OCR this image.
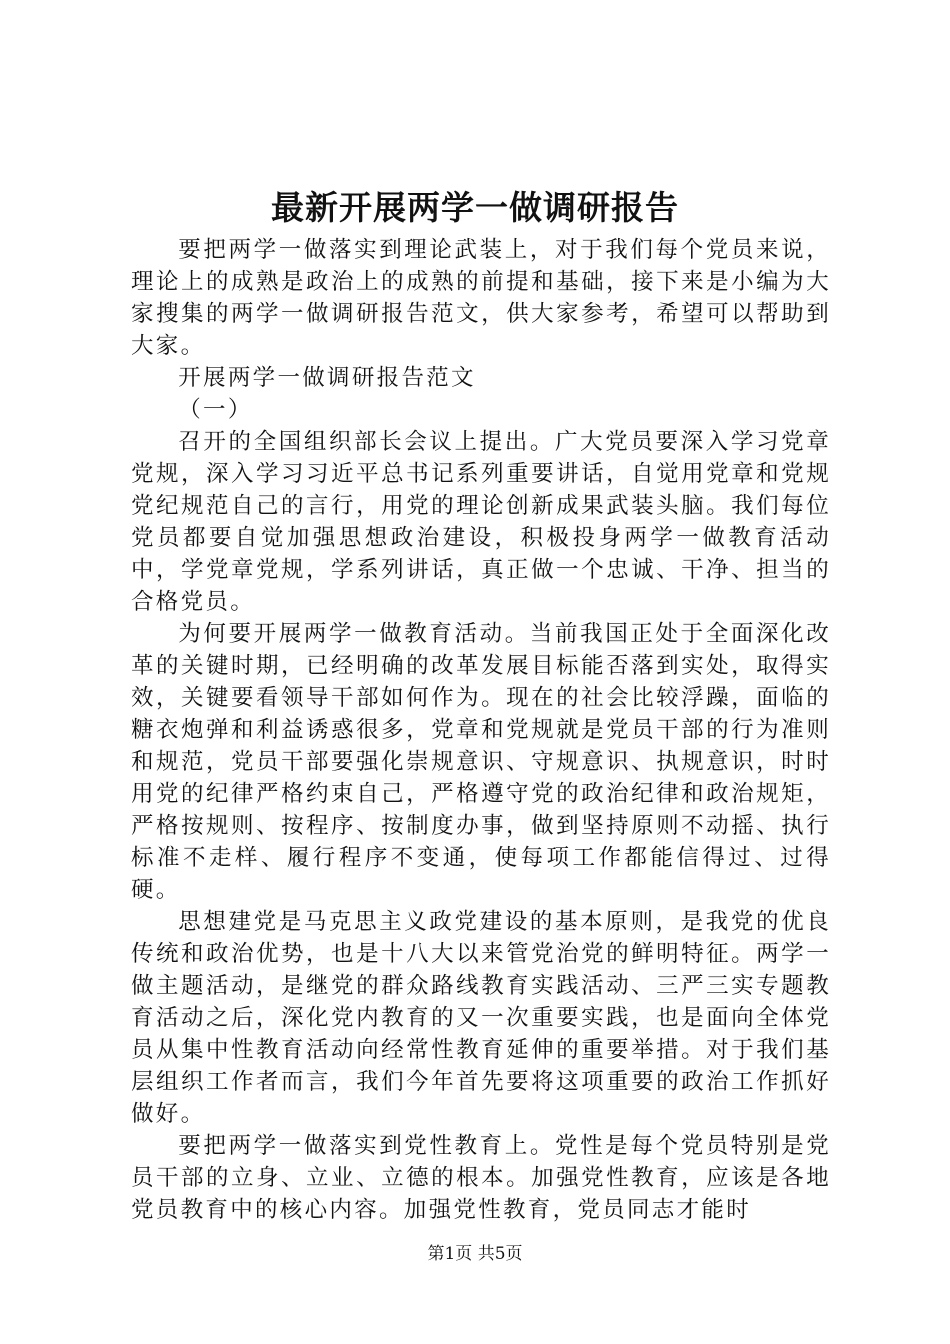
最新开展两学一做调研报告

要把两学一做落实到理论武装上，对于我们每个党员来说，理论上的成熟是政治上的成熟的前提和基础，接下来是小编为大家搜集的两学一做调研报告范文，供大家参考，希望可以帮助到大家。

开展两学一做调研报告范文

（一）

召开的全国组织部长会议上提出。广大党员要深入学习党章党规，深入学习习近平总书记系列重要讲话，自觉用党章和党规党纪规范自己的言行，用党的理论创新成果武装头脑。我们每位党员都要自觉加强思想政治建设，积极投身两学一做教育活动中，学党章党规，学系列讲话，真正做一个忠诚、干净、担当的合格党员。

为何要开展两学一做教育活动。当前我国正处于全面深化改革的关键时期，已经明确的改革发展目标能否落到实处，取得实效，关键要看领导干部如何作为。现在的社会比较浮躁，面临的糖衣炮弹和利益诱惑很多，党章和党规就是党员干部的行为准则和规范，党员干部要强化崇规意识、守规意识、执规意识，时时用党的纪律严格约束自己，严格遵守党的政治纪律和政治规矩，严格按规则、按程序、按制度办事，做到坚持原则不动摇、执行标准不走样、履行程序不变通，使每项工作都能信得过、过得硬。

思想建党是马克思主义政党建设的基本原则，是我党的优良传统和政治优势，也是十八大以来管党治党的鲜明特征。两学一做主题活动，是继党的群众路线教育实践活动、三严三实专题教育活动之后，深化党内教育的又一次重要实践，也是面向全体党员从集中性教育活动向经常性教育延伸的重要举措。对于我们基层组织工作者而言，我们今年首先要将这项重要的政治工作抓好做好。

要把两学一做落实到党性教育上。党性是每个党员特别是党员干部的立身、立业、立德的根本。加强党性教育，应该是各地党员教育中的核心内容。加强党性教育，党员同志才能时

第1页 共5页
